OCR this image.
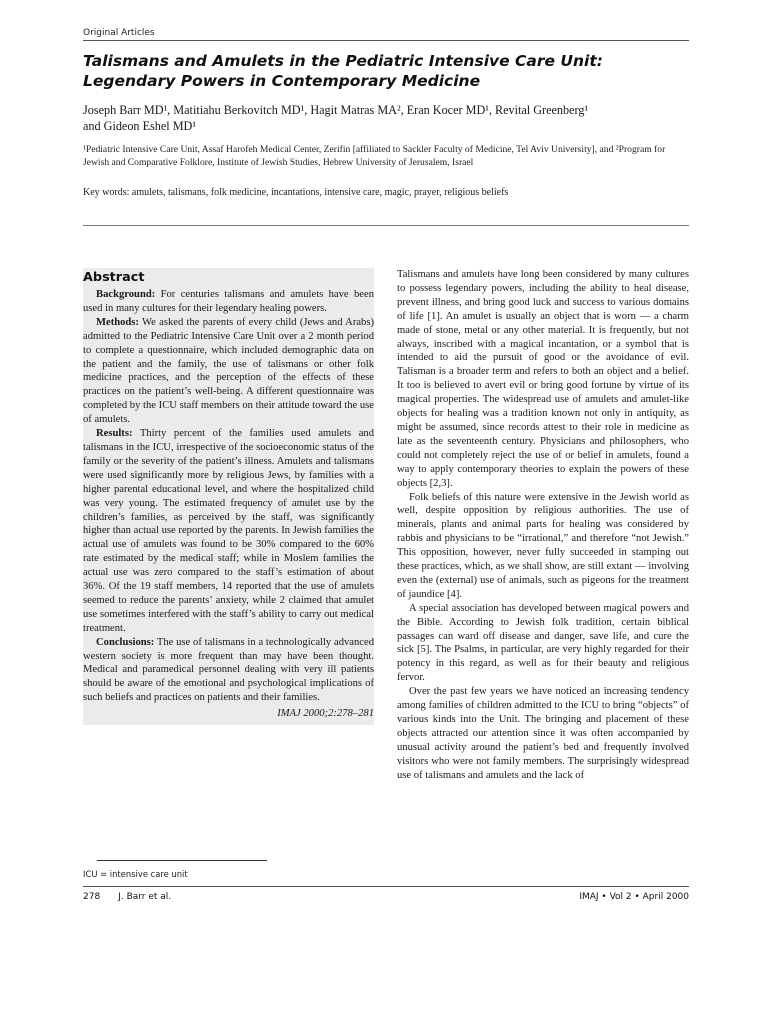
Original Articles
Talismans and Amulets in the Pediatric Intensive Care Unit:
Legendary Powers in Contemporary Medicine
Joseph Barr MD¹, Matitiahu Berkovitch MD¹, Hagit Matras MA², Eran Kocer MD¹, Revital Greenberg¹
and Gideon Eshel MD¹

¹Pediatric Intensive Care Unit, Assaf Harofeh Medical Center, Zerifin [affiliated to Sackler Faculty of Medicine, Tel Aviv University], and ²Program for Jewish and Comparative Folklore, Institute of Jewish Studies, Hebrew University of Jerusalem, Israel

Key words: amulets, talismans, folk medicine, incantations, intensive care, magic, prayer, religious beliefs

Abstract

Background: For centuries talismans and amulets have been used in many cultures for their legendary healing powers.

Methods: We asked the parents of every child (Jews and Arabs) admitted to the Pediatric Intensive Care Unit over a 2 month period to complete a questionnaire, which included demographic data on the patient and the family, the use of talismans or other folk medicine practices, and the perception of the effects of these practices on the patient’s well-being. A different questionnaire was completed by the ICU staff members on their attitude toward the use of amulets.

Results: Thirty percent of the families used amulets and talismans in the ICU, irrespective of the socioeconomic status of the family or the severity of the patient’s illness. Amulets and talismans were used significantly more by religious Jews, by families with a higher parental educational level, and where the hospitalized child was very young. The estimated frequency of amulet use by the children’s families, as perceived by the staff, was significantly higher than actual use reported by the parents. In Jewish families the actual use of amulets was found to be 30% compared to the 60% rate estimated by the medical staff; while in Moslem families the actual use was zero compared to the staff’s estimation of about 36%. Of the 19 staff members, 14 reported that the use of amulets seemed to reduce the parents’ anxiety, while 2 claimed that amulet use sometimes interfered with the staff’s ability to carry out medical treatment.

Conclusions: The use of talismans in a technologically advanced western society is more frequent than may have been thought. Medical and paramedical personnel dealing with very ill patients should be aware of the emotional and psychological implications of such beliefs and practices on patients and their families.

IMAJ 2000;2:278–281

ICU = intensive care unit

Talismans and amulets have long been considered by many cultures to possess legendary powers, including the ability to heal disease, prevent illness, and bring good luck and success to various domains of life [1]. An amulet is usually an object that is worn — a charm made of stone, metal or any other material. It is frequently, but not always, inscribed with a magical incantation, or a symbol that is intended to aid the pursuit of good or the avoidance of evil. Talisman is a broader term and refers to both an object and a belief. It too is believed to avert evil or bring good fortune by virtue of its magical properties. The widespread use of amulets and amulet-like objects for healing was a tradition known not only in antiquity, as might be assumed, since records attest to their role in medicine as late as the seventeenth century. Physicians and philosophers, who could not completely reject the use of or belief in amulets, found a way to apply contemporary theories to explain the powers of these objects [2,3].

Folk beliefs of this nature were extensive in the Jewish world as well, despite opposition by religious authorities. The use of minerals, plants and animal parts for healing was considered by rabbis and physicians to be “irrational,” and therefore “not Jewish.” This opposition, however, never fully succeeded in stamping out these practices, which, as we shall show, are still extant — involving even the (external) use of animals, such as pigeons for the treatment of jaundice [4].

A special association has developed between magical powers and the Bible. According to Jewish folk tradition, certain biblical passages can ward off disease and danger, save life, and cure the sick [5]. The Psalms, in particular, are very highly regarded for their potency in this regard, as well as for their beauty and religious fervor.

Over the past few years we have noticed an increasing tendency among families of children admitted to the ICU to bring “objects” of various kinds into the Unit. The bringing and placement of these objects attracted our attention since it was often accompanied by unusual activity around the patient’s bed and frequently involved visitors who were not family members. The surprisingly widespread use of talismans and amulets and the lack of

278 J. Barr et al.	IMAJ • Vol 2 • April 2000
